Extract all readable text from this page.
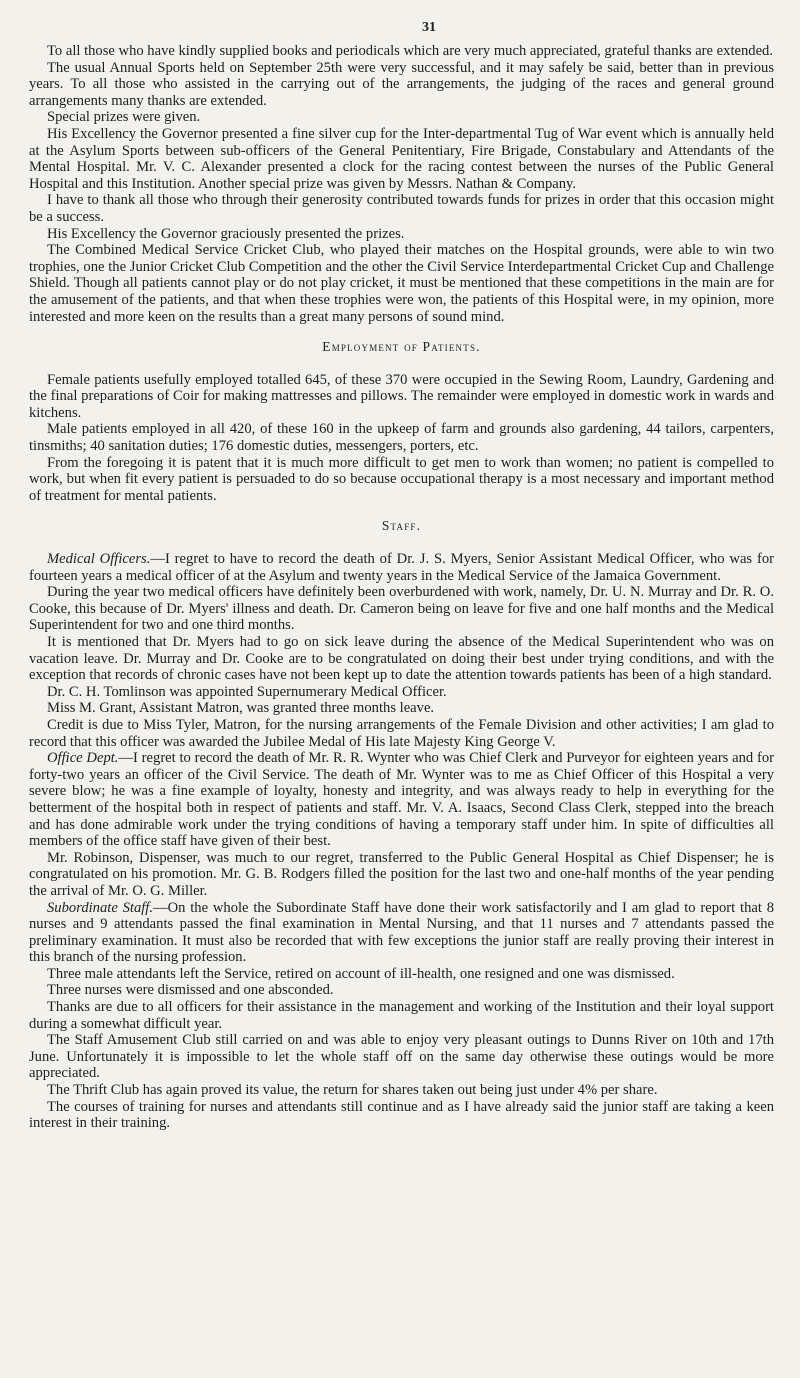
31

To all those who have kindly supplied books and periodicals which are very much appreciated, grateful thanks are extended.

The usual Annual Sports held on September 25th were very successful, and it may safely be said, better than in previous years. To all those who assisted in the carrying out of the arrangements, the judging of the races and general ground arrangements many thanks are extended.

Special prizes were given.

His Excellency the Governor presented a fine silver cup for the Inter-departmental Tug of War event which is annually held at the Asylum Sports between sub-officers of the General Penitentiary, Fire Brigade, Constabulary and Attendants of the Mental Hospital. Mr. V. C. Alexander presented a clock for the racing contest between the nurses of the Public General Hospital and this Institution. Another special prize was given by Messrs. Nathan & Company.

I have to thank all those who through their generosity contributed towards funds for prizes in order that this occasion might be a success.

His Excellency the Governor graciously presented the prizes.

The Combined Medical Service Cricket Club, who played their matches on the Hospital grounds, were able to win two trophies, one the Junior Cricket Club Competition and the other the Civil Service Interdepartmental Cricket Cup and Challenge Shield. Though all patients cannot play or do not play cricket, it must be mentioned that these competitions in the main are for the amusement of the patients, and that when these trophies were won, the patients of this Hospital were, in my opinion, more interested and more keen on the results than a great many persons of sound mind.

Employment of Patients.

Female patients usefully employed totalled 645, of these 370 were occupied in the Sewing Room, Laundry, Gardening and the final preparations of Coir for making mattresses and pillows. The remainder were employed in domestic work in wards and kitchens.

Male patients employed in all 420, of these 160 in the upkeep of farm and grounds also gardening, 44 tailors, carpenters, tinsmiths; 40 sanitation duties; 176 domestic duties, messengers, porters, etc.

From the foregoing it is patent that it is much more difficult to get men to work than women; no patient is compelled to work, but when fit every patient is persuaded to do so because occupational therapy is a most necessary and important method of treatment for mental patients.

Staff.

Medical Officers.—I regret to have to record the death of Dr. J. S. Myers, Senior Assistant Medical Officer, who was for fourteen years a medical officer of at the Asylum and twenty years in the Medical Service of the Jamaica Government.

During the year two medical officers have definitely been overburdened with work, namely, Dr. U. N. Murray and Dr. R. O. Cooke, this because of Dr. Myers' illness and death. Dr. Cameron being on leave for five and one half months and the Medical Superintendent for two and one third months.

It is mentioned that Dr. Myers had to go on sick leave during the absence of the Medical Superintendent who was on vacation leave. Dr. Murray and Dr. Cooke are to be congratulated on doing their best under trying conditions, and with the exception that records of chronic cases have not been kept up to date the attention towards patients has been of a high standard.

Dr. C. H. Tomlinson was appointed Supernumerary Medical Officer.

Miss M. Grant, Assistant Matron, was granted three months leave.

Credit is due to Miss Tyler, Matron, for the nursing arrangements of the Female Division and other activities; I am glad to record that this officer was awarded the Jubilee Medal of His late Majesty King George V.

Office Dept.—I regret to record the death of Mr. R. R. Wynter who was Chief Clerk and Purveyor for eighteen years and for forty-two years an officer of the Civil Service. The death of Mr. Wynter was to me as Chief Officer of this Hospital a very severe blow; he was a fine example of loyalty, honesty and integrity, and was always ready to help in everything for the betterment of the hospital both in respect of patients and staff. Mr. V. A. Isaacs, Second Class Clerk, stepped into the breach and has done admirable work under the trying conditions of having a temporary staff under him. In spite of difficulties all members of the office staff have given of their best.

Mr. Robinson, Dispenser, was much to our regret, transferred to the Public General Hospital as Chief Dispenser; he is congratulated on his promotion. Mr. G. B. Rodgers filled the position for the last two and one-half months of the year pending the arrival of Mr. O. G. Miller.

Subordinate Staff.—On the whole the Subordinate Staff have done their work satisfactorily and I am glad to report that 8 nurses and 9 attendants passed the final examination in Mental Nursing, and that 11 nurses and 7 attendants passed the preliminary examination. It must also be recorded that with few exceptions the junior staff are really proving their interest in this branch of the nursing profession.

Three male attendants left the Service, retired on account of ill-health, one resigned and one was dismissed.

Three nurses were dismissed and one absconded.

Thanks are due to all officers for their assistance in the management and working of the Institution and their loyal support during a somewhat difficult year.

The Staff Amusement Club still carried on and was able to enjoy very pleasant outings to Dunns River on 10th and 17th June. Unfortunately it is impossible to let the whole staff off on the same day otherwise these outings would be more appreciated.

The Thrift Club has again proved its value, the return for shares taken out being just under 4% per share.

The courses of training for nurses and attendants still continue and as I have already said the junior staff are taking a keen interest in their training.
